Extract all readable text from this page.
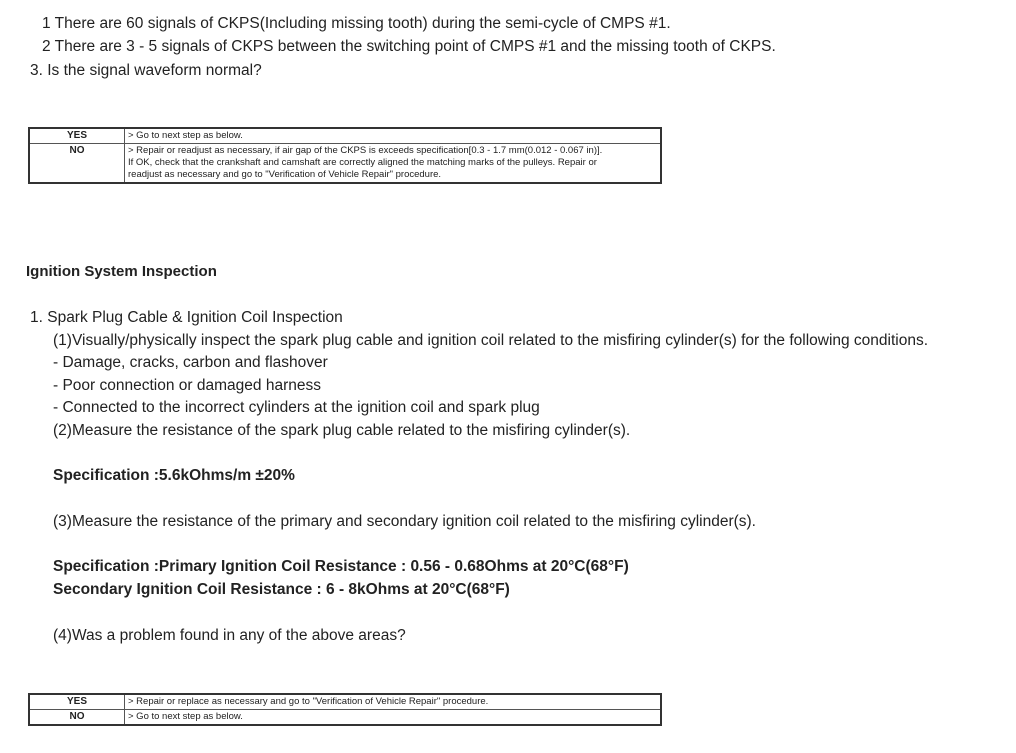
1 There are 60 signals of CKPS(Including missing tooth) during the semi-cycle of CMPS #1.
2 There are 3 - 5 signals of CKPS between the switching point of CMPS #1 and the missing tooth of CKPS.
3. Is the signal waveform normal?
YES	> Go to next step as below.
NO	> Repair or readjust as necessary, if air gap of the CKPS is exceeds specification[0.3 - 1.7 mm(0.012 - 0.067 in)].
If OK, check that the crankshaft and camshaft are correctly aligned the matching marks of the pulleys. Repair or
readjust as necessary and go to "Verification of Vehicle Repair" procedure.
Ignition System Inspection
1. Spark Plug Cable & Ignition Coil Inspection
(1)Visually/physically inspect the spark plug cable and ignition coil related to the misfiring cylinder(s) for the following conditions.
- Damage, cracks, carbon and flashover
- Poor connection or damaged harness
- Connected to the incorrect cylinders at the ignition coil and spark plug
(2)Measure the resistance of the spark plug cable related to the misfiring cylinder(s).
Specification :5.6kOhms/m ±20%
(3)Measure the resistance of the primary and secondary ignition coil related to the misfiring cylinder(s).
Specification :Primary Ignition Coil Resistance : 0.56 - 0.68Ohms at 20°C(68°F)
Secondary Ignition Coil Resistance : 6 - 8kOhms at 20°C(68°F)
(4)Was a problem found in any of the above areas?
YES	> Repair or replace as necessary and go to "Verification of Vehicle Repair" procedure.
NO	> Go to next step as below.
